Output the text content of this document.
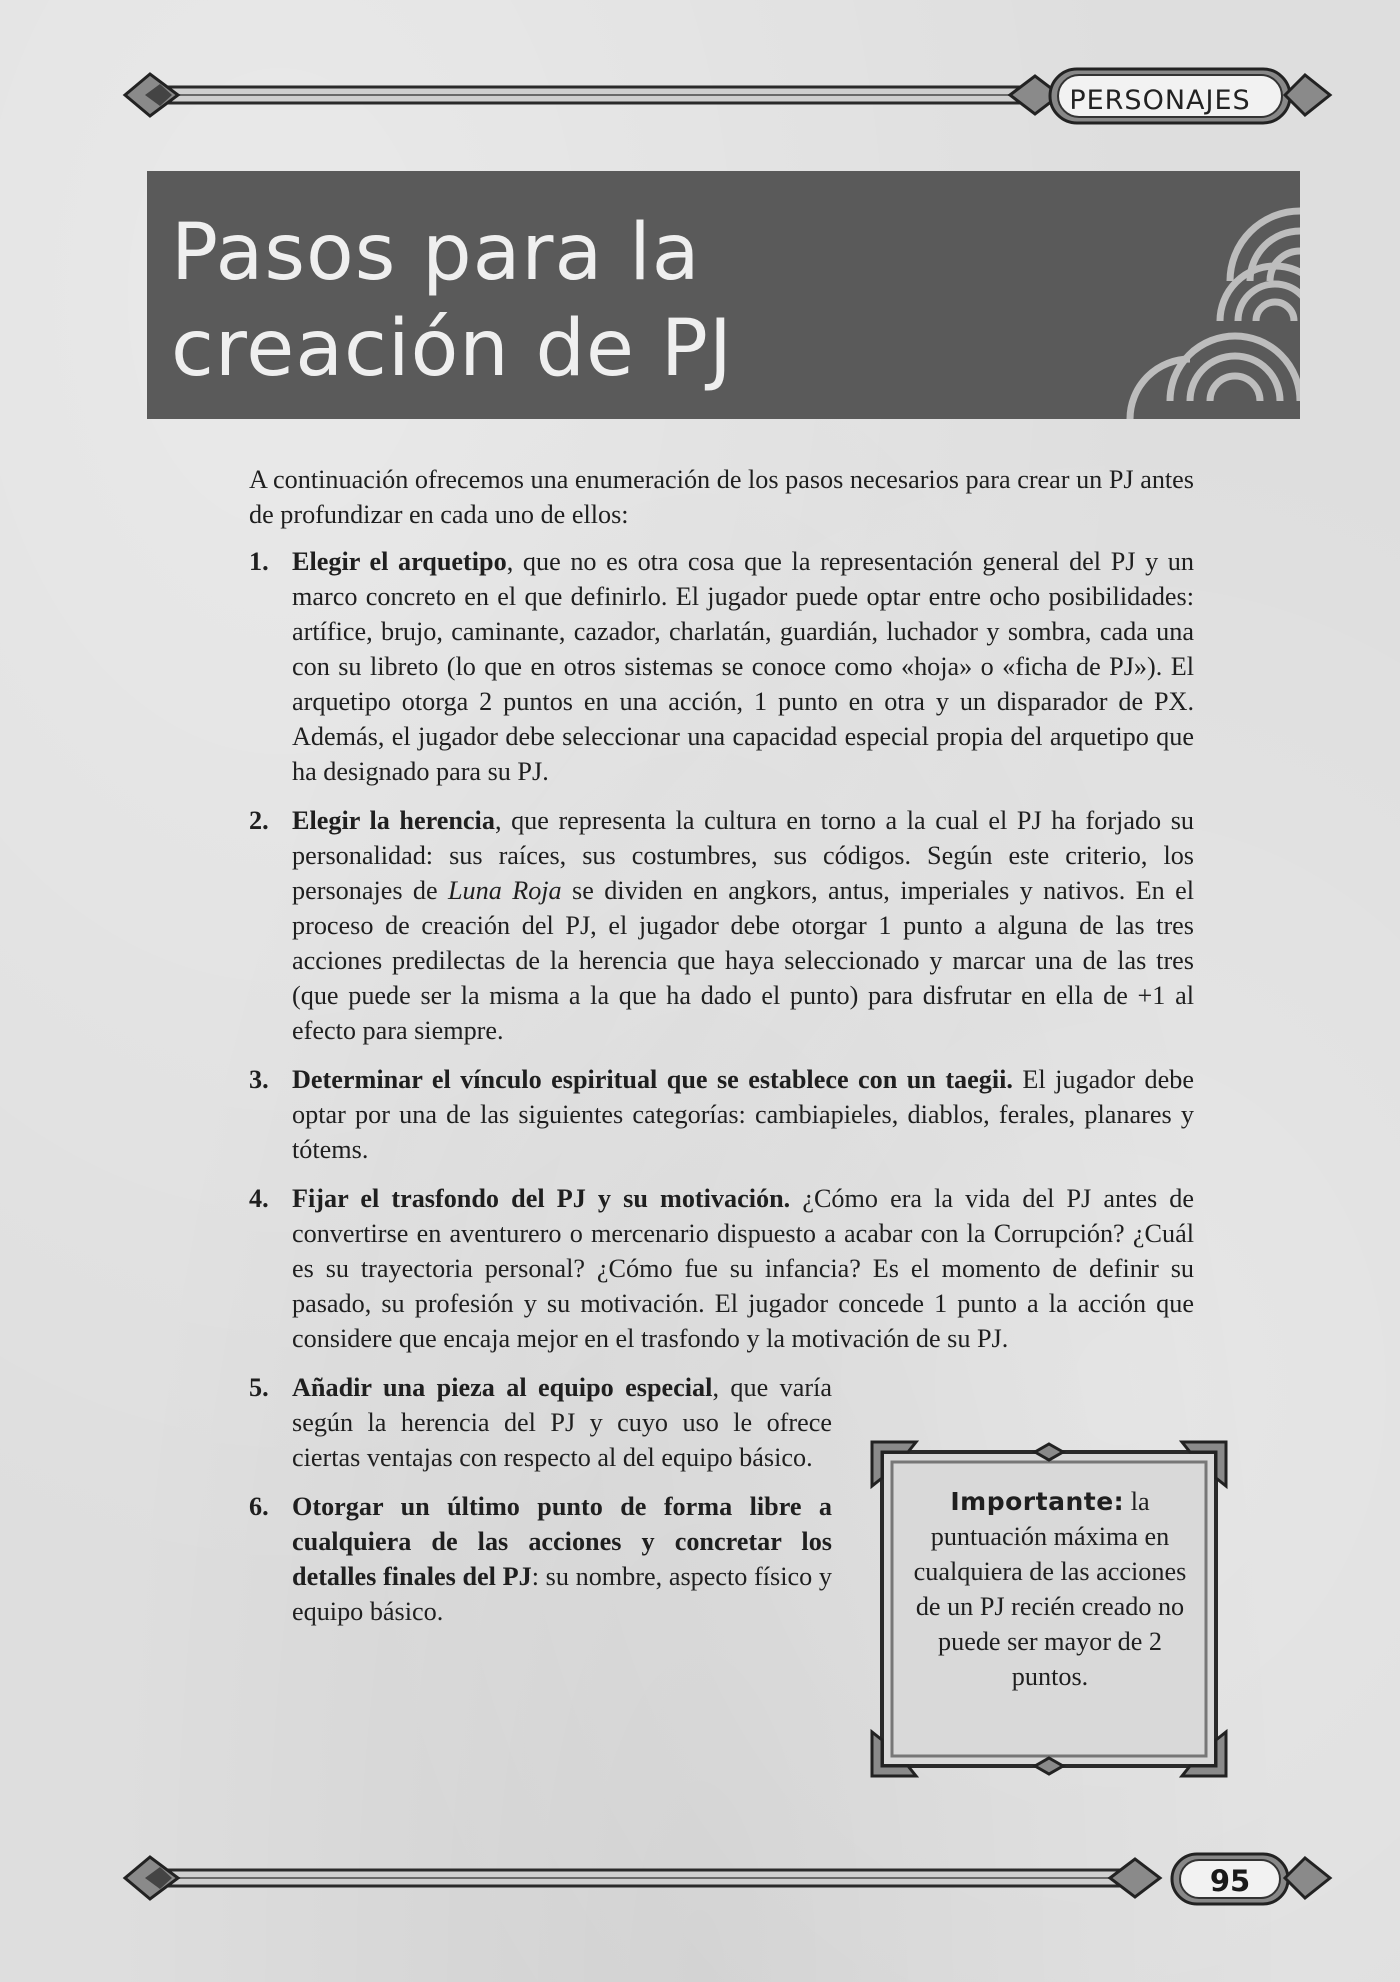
PERSONAJES
Pasos para la
creación de PJ

A continuación ofrecemos una enumeración de los pasos necesarios para crear un PJ antes de profundizar en cada uno de ellos:

1. Elegir el arquetipo, que no es otra cosa que la representación general del PJ y un marco concreto en el que definirlo. El jugador puede optar entre ocho posibilidades: artífice, brujo, caminante, cazador, charlatán, guardián, luchador y sombra, cada una con su libreto (lo que en otros sistemas se conoce como «hoja» o «ficha de PJ»). El arquetipo otorga 2 puntos en una acción, 1 punto en otra y un disparador de PX. Además, el jugador debe seleccionar una capacidad especial propia del arquetipo que ha designado para su PJ.
2. Elegir la herencia, que representa la cultura en torno a la cual el PJ ha forjado su personalidad: sus raíces, sus costumbres, sus códigos. Según este criterio, los personajes de Luna Roja se dividen en angkors, antus, imperiales y nativos. En el proceso de creación del PJ, el jugador debe otorgar 1 punto a alguna de las tres acciones predilectas de la herencia que haya seleccionado y marcar una de las tres (que puede ser la misma a la que ha dado el punto) para disfrutar en ella de +1 al efecto para siempre.
3. Determinar el vínculo espiritual que se establece con un taegii. El jugador debe optar por una de las siguientes categorías: cambiapieles, diablos, ferales, planares y tótems.
4. Fijar el trasfondo del PJ y su motivación. ¿Cómo era la vida del PJ antes de convertirse en aventurero o mercenario dispuesto a acabar con la Corrupción? ¿Cuál es su trayectoria personal? ¿Cómo fue su infancia? Es el momento de definir su pasado, su profesión y su motivación. El jugador concede 1 punto a la acción que considere que encaja mejor en el trasfondo y la motivación de su PJ.
5. Añadir una pieza al equipo especial, que varía según la herencia del PJ y cuyo uso le ofrece ciertas ventajas con respecto al del equipo básico.
6. Otorgar un último punto de forma libre a cualquiera de las acciones y concretar los detalles finales del PJ: su nombre, aspecto físico y equipo básico.
Importante: la puntuación máxima en cualquiera de las acciones de un PJ recién creado no puede ser mayor de 2 puntos.
95
